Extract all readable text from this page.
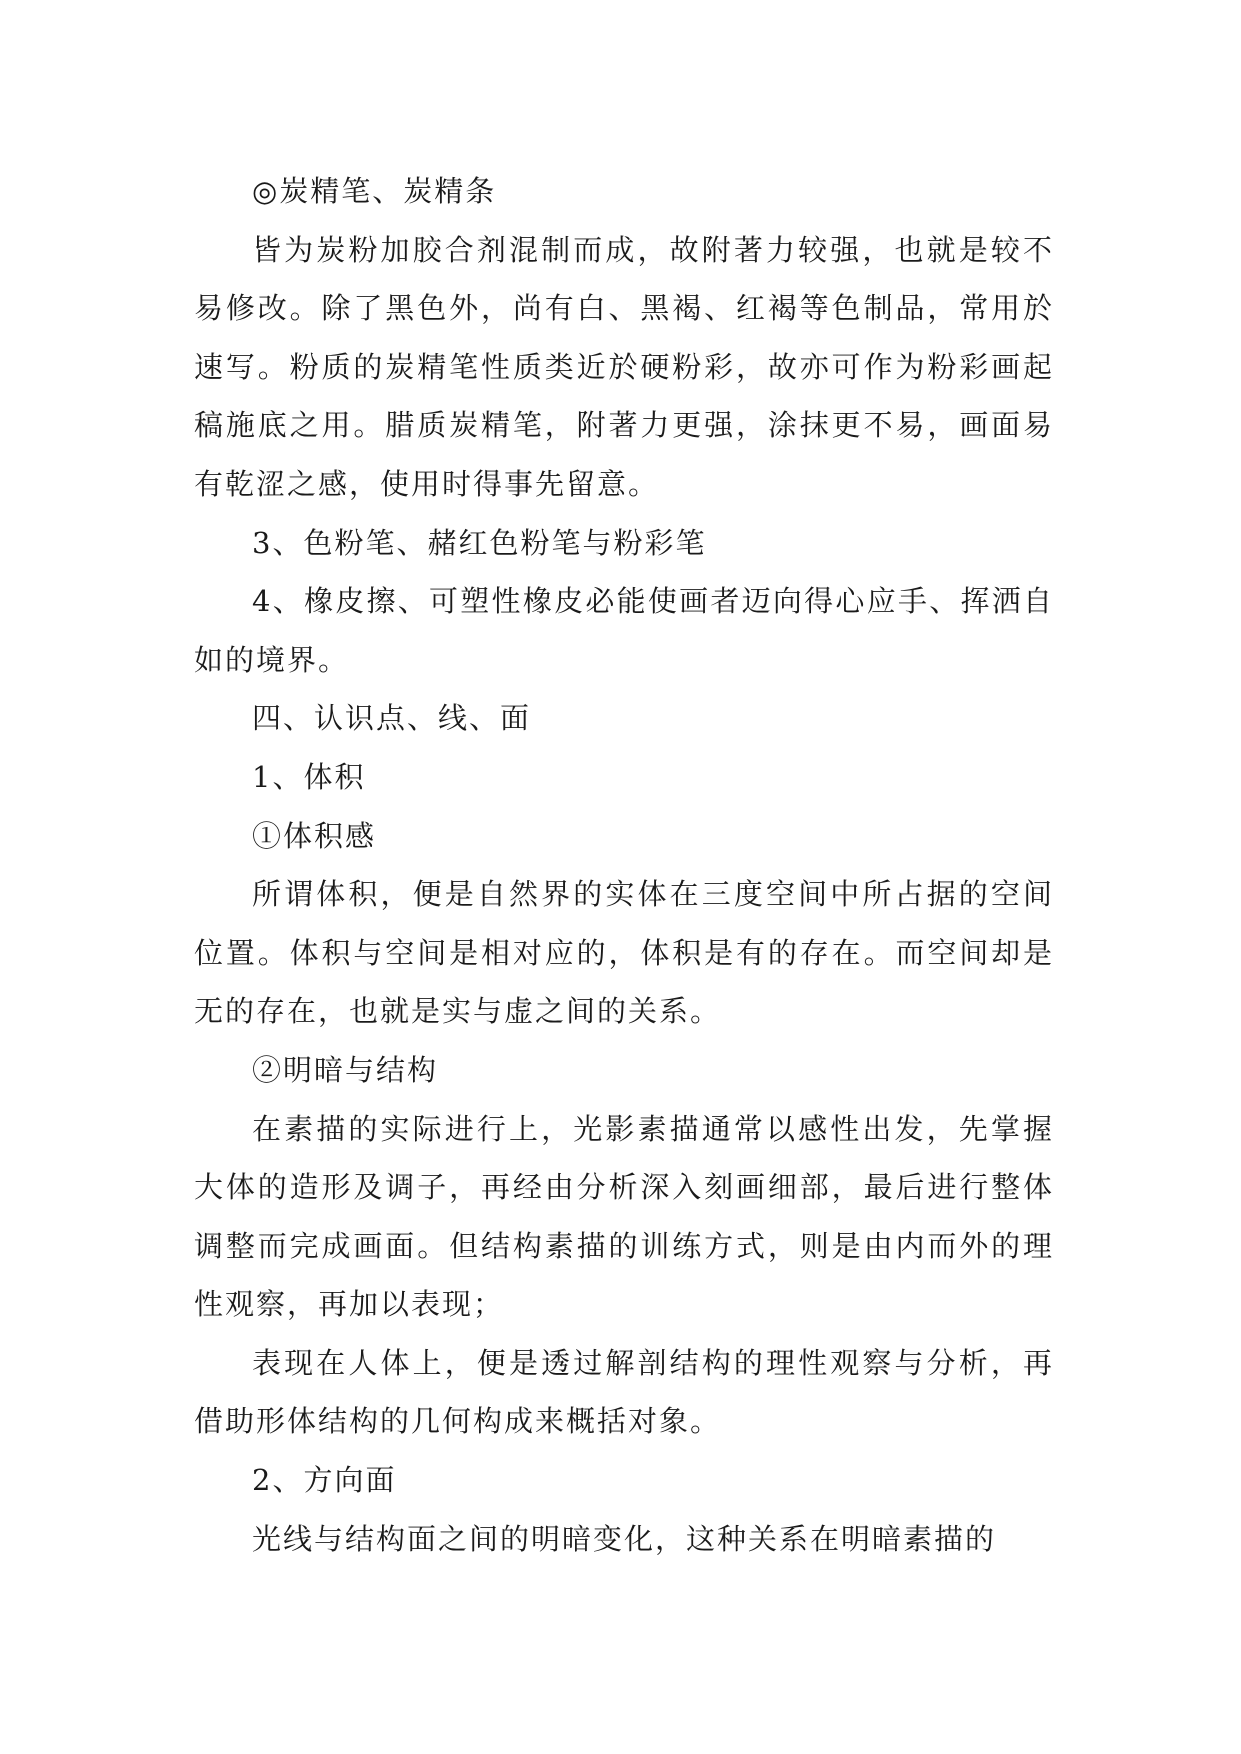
◎炭精笔、炭精条

皆为炭粉加胶合剂混制而成，故附著力较强，也就是较不易修改。除了黑色外，尚有白、黑褐、红褐等色制品，常用於速写。粉质的炭精笔性质类近於硬粉彩，故亦可作为粉彩画起稿施底之用。腊质炭精笔，附著力更强，涂抹更不易，画面易有乾涩之感，使用时得事先留意。

3、色粉笔、赭红色粉笔与粉彩笔

4、橡皮擦、可塑性橡皮必能使画者迈向得心应手、挥洒自如的境界。

四、认识点、线、面

1、体积

①体积感

所谓体积，便是自然界的实体在三度空间中所占据的空间位置。体积与空间是相对应的，体积是有的存在。而空间却是无的存在，也就是实与虚之间的关系。

②明暗与结构

在素描的实际进行上，光影素描通常以感性出发，先掌握大体的造形及调子，再经由分析深入刻画细部，最后进行整体调整而完成画面。但结构素描的训练方式，则是由内而外的理性观察，再加以表现；

表现在人体上，便是透过解剖结构的理性观察与分析，再借助形体结构的几何构成来概括对象。

2、方向面

光线与结构面之间的明暗变化，这种关系在明暗素描的
